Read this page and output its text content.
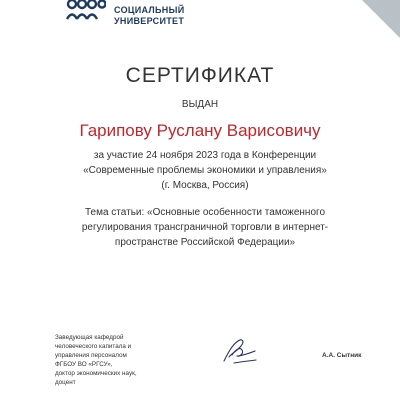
СОЦИАЛЬНЫЙ
УНИВЕРСИТЕТ
СЕРТИФИКАТ
ВЫДАН
Гарипову Руслану Варисовичу
за участие 24 ноября 2023 года в Конференции
«Современные проблемы экономики и управления»
(г. Москва, Россия)
Тема статьи: «Основные особенности таможенного
регулирования трансграничной торговли в интернет-
пространстве Российской Федерации»
Заведующая кафедрой
человеческого капитала и
управления персоналом
ФГБОУ ВО «РГСУ»,
доктор экономических наук,
доцент
А.А. Сытник
